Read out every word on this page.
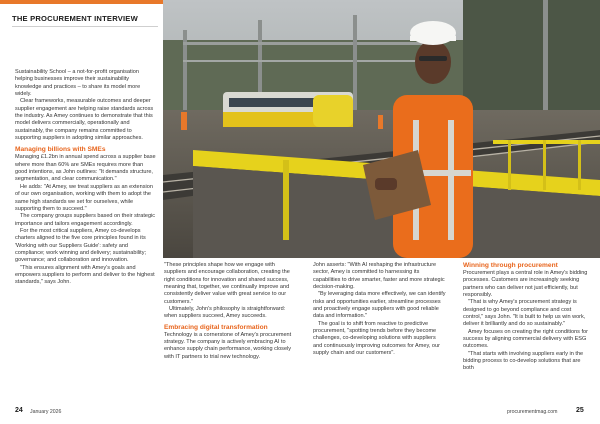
THE PROCUREMENT INTERVIEW

Sustainability School – a not-for-profit organisation helping businesses improve their sustainability knowledge and practices – to share its model more widely.

Clear frameworks, measurable outcomes and deeper supplier engagement are helping raise standards across the industry. As Amey continues to demonstrate that this model delivers commercially, operationally and sustainably, the company remains committed to supporting suppliers in adopting similar approaches.

Managing billions with SMEs

Managing £1.2bn in annual spend across a supplier base where more than 60% are SMEs requires more than good intentions, as John outlines: "It demands structure, segmentation, and clear communication."

He adds: "At Amey, we treat suppliers as an extension of our own organisation, working with them to adopt the same high standards we set for ourselves, while supporting them to succeed."

The company groups suppliers based on their strategic importance and tailors engagement accordingly.

For the most critical suppliers, Amey co-develops charters aligned to the five core principles found in its 'Working with our Suppliers Guide': safety and compliance; work winning and delivery; sustainability; governance; and collaboration and innovation.

"This ensures alignment with Amey's goals and empowers suppliers to perform and deliver to the highest standards," says John.

"These principles shape how we engage with suppliers and encourage collaboration, creating the right conditions for innovation and shared success, meaning that, together, we continually improve and consistently deliver value with great service to our customers."

Ultimately, John's philosophy is straightforward: when suppliers succeed, Amey succeeds.

Embracing digital transformation

Technology is a cornerstone of Amey's procurement strategy. The company is actively embracing AI to enhance supply chain performance, working closely with IT partners to trial new technology.

John asserts: "With AI reshaping the infrastructure sector, Amey is committed to harnessing its capabilities to drive smarter, faster and more strategic decision-making.

"By leveraging data more effectively, we can identify risks and opportunities earlier, streamline processes and proactively engage suppliers with good reliable data and information."

The goal is to shift from reactive to predictive procurement, "spotting trends before they become challenges, co-developing solutions with suppliers and continuously improving outcomes for Amey, our supply chain and our customers".

Winning through procurement

Procurement plays a central role in Amey's bidding processes. Customers are increasingly seeking partners who can deliver not just efficiently, but responsibly.

"That is why Amey's procurement strategy is designed to go beyond compliance and cost control," says John. "It is built to help us win work, deliver it brilliantly and do so sustainably."

Amey focuses on creating the right conditions for success by aligning commercial delivery with ESG outcomes.

"That starts with involving suppliers early in the bidding process to co-develop solutions that are both

24 January 2026	procurementmag.com	25
